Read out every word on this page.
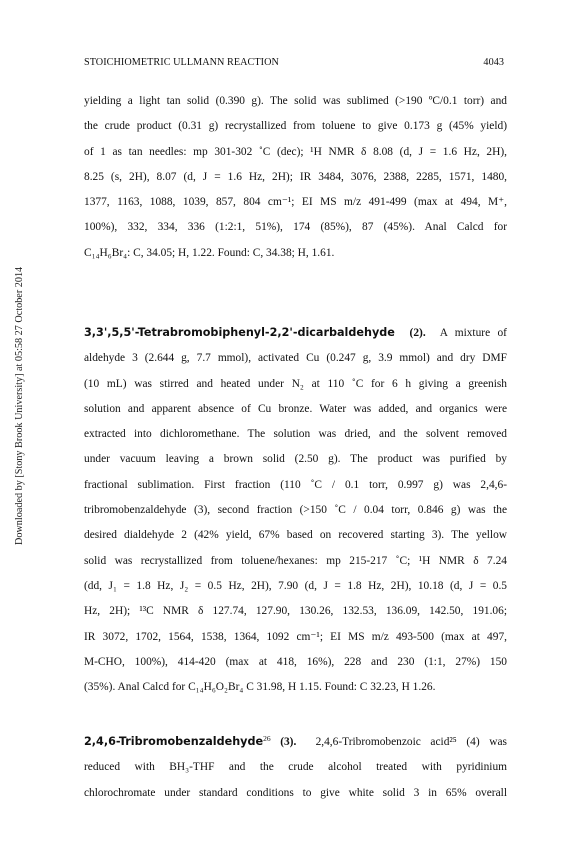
STOICHIOMETRIC ULLMANN REACTION	4043
Downloaded by [Stony Brook University] at 05:58 27 October 2014

yielding a light tan solid (0.390 g). The solid was sublimed (>190 ºC/0.1 torr) and
the crude product (0.31 g) recrystallized from toluene to give 0.173 g (45% yield)
of 1 as tan needles: mp 301-302 ˚C (dec); ¹H NMR δ 8.08 (d, J = 1.6 Hz, 2H),
8.25 (s, 2H), 8.07 (d, J = 1.6 Hz, 2H); IR 3484, 3076, 2388, 2285, 1571, 1480,
1377, 1163, 1088, 1039, 857, 804 cm⁻¹; EI MS m/z 491-499 (max at 494, M⁺,
100%), 332, 334, 336 (1:2:1, 51%), 174 (85%), 87 (45%). Anal Calcd for
C₁₄H₆Br₄: C, 34.05; H, 1.22. Found: C, 34.38; H, 1.61.

3,3',5,5'-Tetrabromobiphenyl-2,2'-dicarbaldehyde (2). A mixture of
aldehyde 3 (2.644 g, 7.7 mmol), activated Cu (0.247 g, 3.9 mmol) and dry DMF
(10 mL) was stirred and heated under N₂ at 110 ˚C for 6 h giving a greenish
solution and apparent absence of Cu bronze. Water was added, and organics were
extracted into dichloromethane. The solution was dried, and the solvent removed
under vacuum leaving a brown solid (2.50 g). The product was purified by
fractional sublimation. First fraction (110 ˚C / 0.1 torr, 0.997 g) was 2,4,6-
tribromobenzaldehyde (3), second fraction (>150 ˚C / 0.04 torr, 0.846 g) was the
desired dialdehyde 2 (42% yield, 67% based on recovered starting 3). The yellow
solid was recrystallized from toluene/hexanes: mp 215-217 ˚C; ¹H NMR δ 7.24
(dd, J₁ = 1.8 Hz, J₂ = 0.5 Hz, 2H), 7.90 (d, J = 1.8 Hz, 2H), 10.18 (d, J = 0.5
Hz, 2H); ¹³C NMR δ 127.74, 127.90, 130.26, 132.53, 136.09, 142.50, 191.06;
IR 3072, 1702, 1564, 1538, 1364, 1092 cm⁻¹; EI MS m/z 493-500 (max at 497,
M-CHO, 100%), 414-420 (max at 418, 16%), 228 and 230 (1:1, 27%) 150
(35%). Anal Calcd for C₁₄H₆O₂Br₄ C 31.98, H 1.15. Found: C 32.23, H 1.26.

2,4,6-Tribromobenzaldehyde$^{26}$ (3). 2,4,6-Tribromobenzoic acid²⁵ (4) was
reduced with BH₃-THF and the crude alcohol treated with pyridinium
chlorochromate under standard conditions to give white solid 3 in 65% overall
